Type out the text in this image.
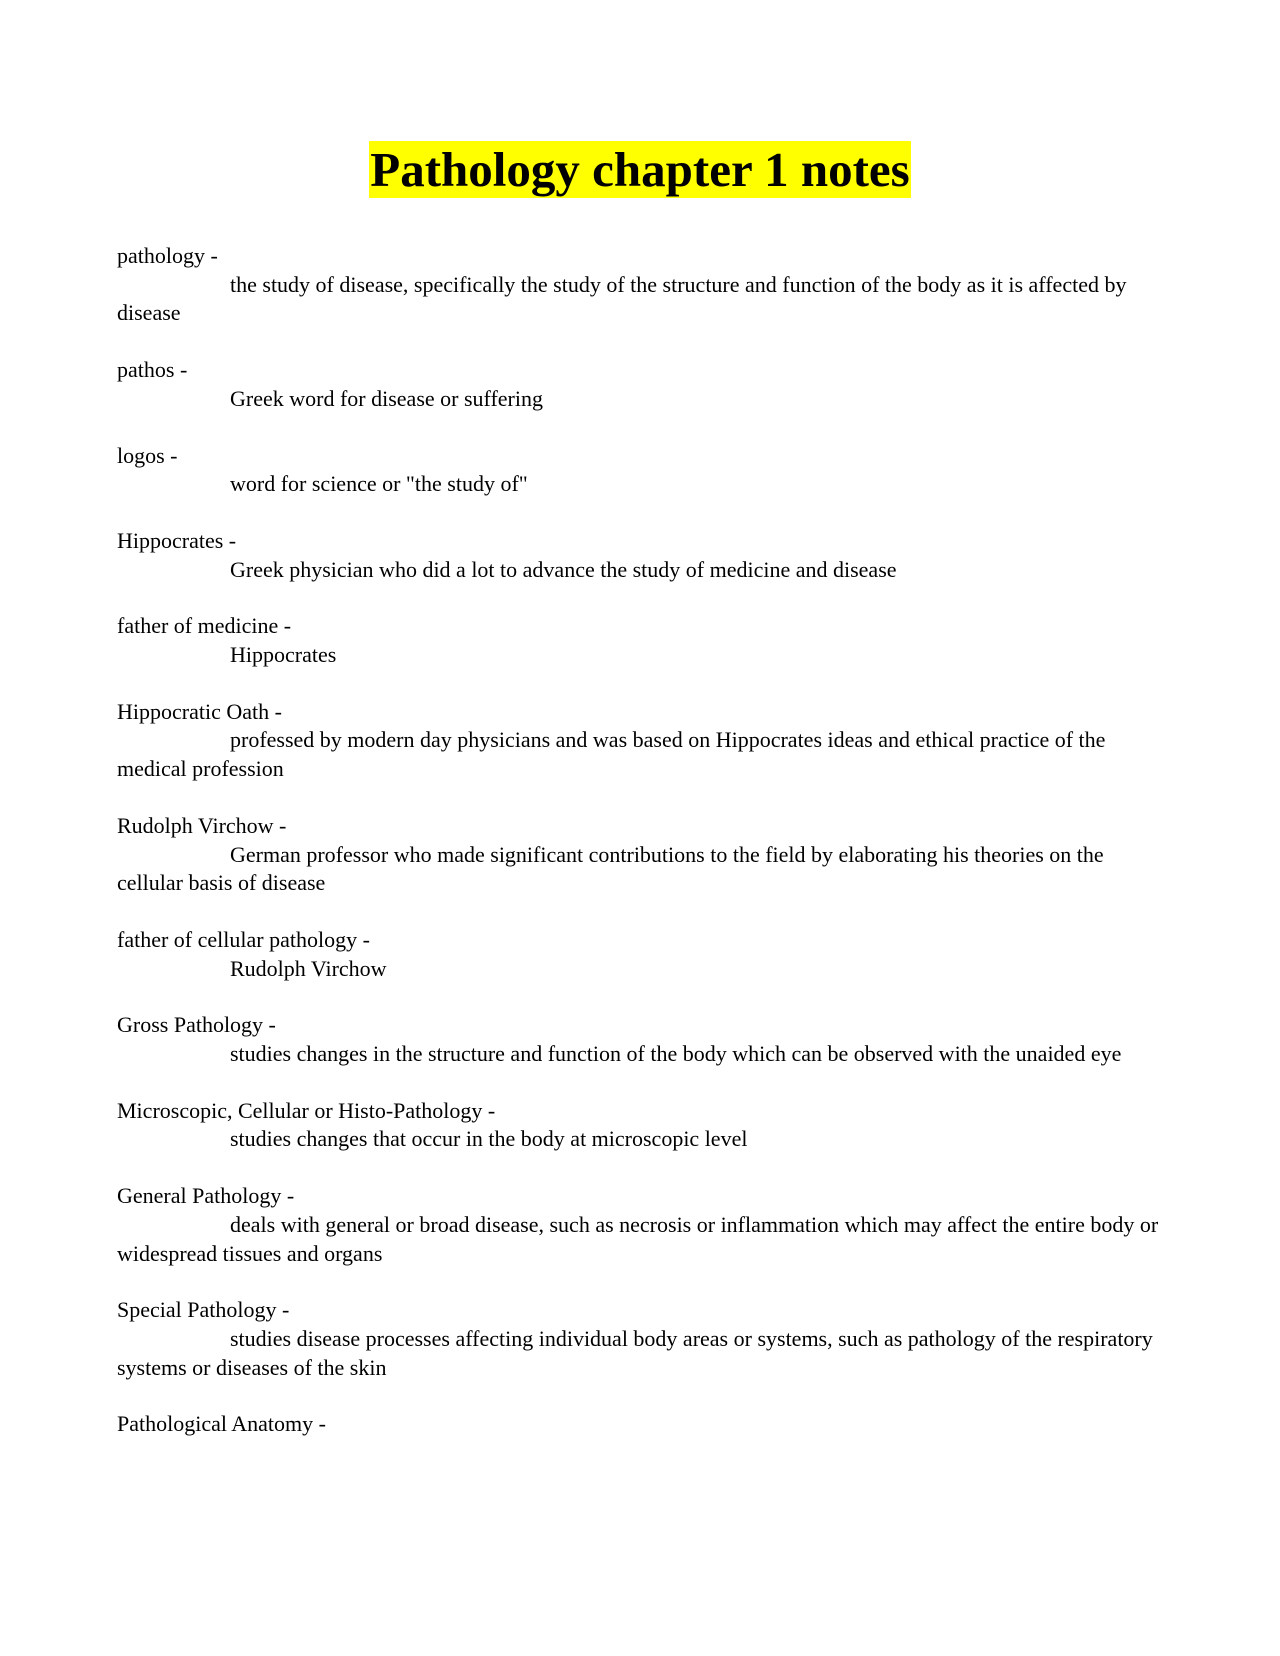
Pathology chapter 1 notes
pathology -
the study of disease, specifically the study of the structure and function of the body as it is affected by disease
pathos -
Greek word for disease or suffering
logos -
word for science or "the study of"
Hippocrates -
Greek physician who did a lot to advance the study of medicine and disease
father of medicine -
Hippocrates
Hippocratic Oath -
professed by modern day physicians and was based on Hippocrates ideas and ethical practice of the medical profession
Rudolph Virchow -
German professor who made significant contributions to the field by elaborating his theories on the cellular basis of disease
father of cellular pathology -
Rudolph Virchow
Gross Pathology -
studies changes in the structure and function of the body which can be observed with the unaided eye
Microscopic, Cellular or Histo-Pathology -
studies changes that occur in the body at microscopic level
General Pathology -
deals with general or broad disease, such as necrosis or inflammation which may affect the entire body or widespread tissues and organs
Special Pathology -
studies disease processes affecting individual body areas or systems, such as pathology of the respiratory systems or diseases of the skin
Pathological Anatomy -
